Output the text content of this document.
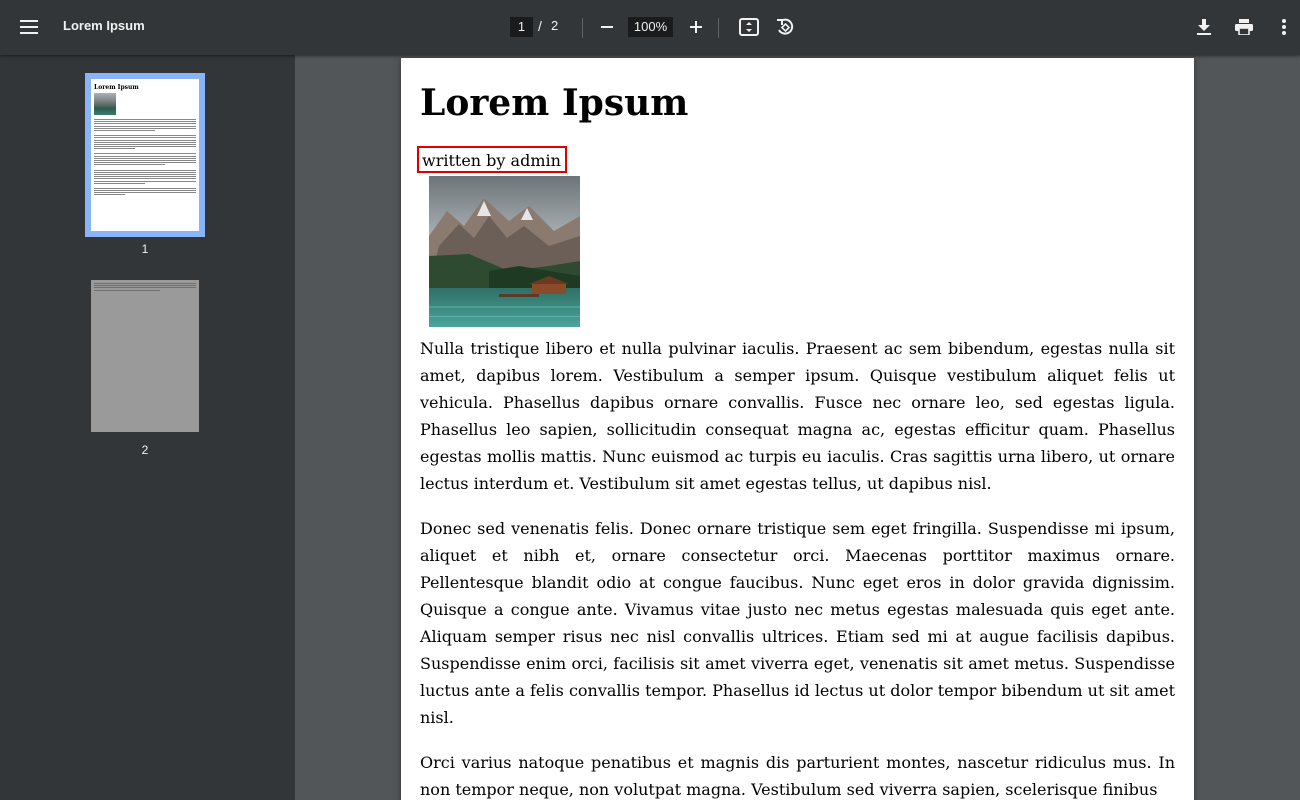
Lorem Ipsum	1 / 2	100%
Lorem Ipsum
1
2
Lorem Ipsum
written by admin

Nulla tristique libero et nulla pulvinar iaculis. Praesent ac sem bibendum, egestas nulla sit amet, dapibus lorem. Vestibulum a semper ipsum. Quisque vestibulum aliquet felis ut vehicula. Phasellus dapibus ornare convallis. Fusce nec ornare leo, sed egestas ligula. Phasellus leo sapien, sollicitudin consequat magna ac, egestas efficitur quam. Phasellus egestas mollis mattis. Nunc euismod ac turpis eu iaculis. Cras sagittis urna libero, ut ornare lectus interdum et. Vestibulum sit amet egestas tellus, ut dapibus nisl.

Donec sed venenatis felis. Donec ornare tristique sem eget fringilla. Suspendisse mi ipsum, aliquet et nibh et, ornare consectetur orci. Maecenas porttitor maximus ornare. Pellentesque blandit odio at congue faucibus. Nunc eget eros in dolor gravida dignissim. Quisque a congue ante. Vivamus vitae justo nec metus egestas malesuada quis eget ante. Aliquam semper risus nec nisl convallis ultrices. Etiam sed mi at augue facilisis dapibus. Suspendisse enim orci, facilisis sit amet viverra eget, venenatis sit amet metus. Suspendisse luctus ante a felis convallis tempor. Phasellus id lectus ut dolor tempor bibendum ut sit amet nisl.

Orci varius natoque penatibus et magnis dis parturient montes, nascetur ridiculus mus. In non tempor neque, non volutpat magna. Vestibulum sed viverra sapien, scelerisque finibus
